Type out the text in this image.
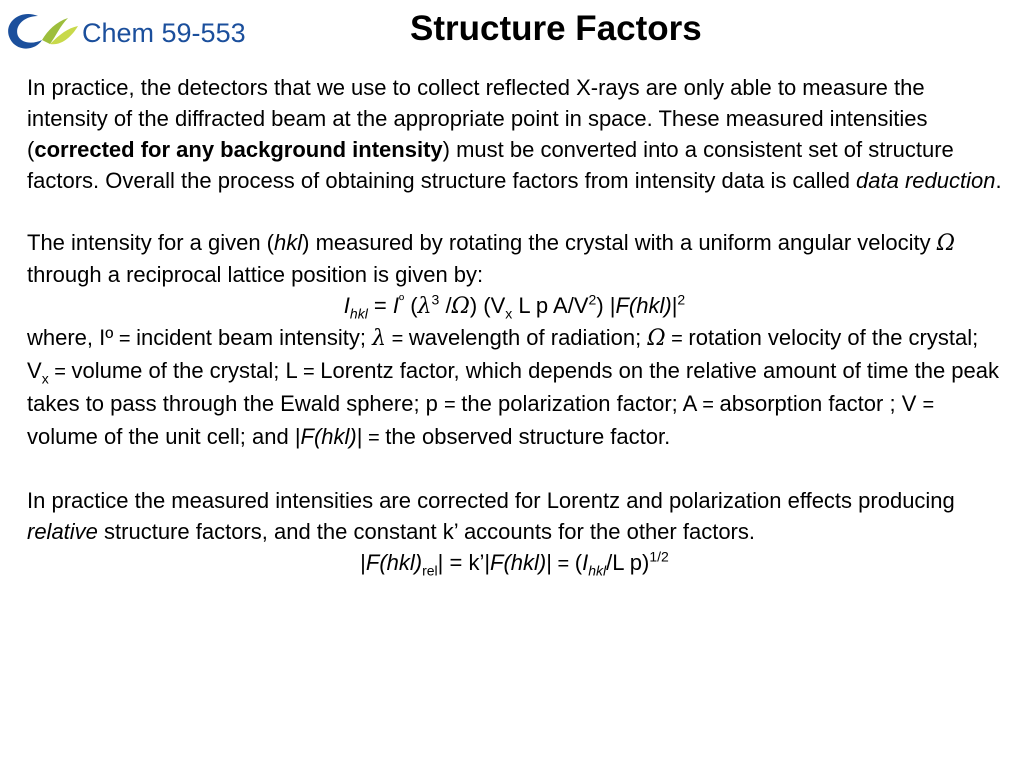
Chem 59-553	Structure Factors

In practice, the detectors that we use to collect reflected X-rays are only able to measure the intensity of the diffracted beam at the appropriate point in space. These measured intensities (corrected for any background intensity) must be converted into a consistent set of structure factors. Overall the process of obtaining structure factors from intensity data is called data reduction.

The intensity for a given (hkl) measured by rotating the crystal with a uniform angular velocity Ω through a reciprocal lattice position is given by:

$I_{hkl} = I^º$ ($\lambda^3$ /Ω) ($V_x$ L p $A/V^2$) $|F(hkl)|^2$

where, Iº = incident beam intensity; λ = wavelength of radiation; Ω = rotation velocity of the crystal; $V_x$ = volume of the crystal; L = Lorentz factor, which depends on the relative amount of time the peak takes to pass through the Ewald sphere; p = the polarization factor; A = absorption factor ; V = volume of the unit cell; and |F(hkl)| = the observed structure factor.

In practice the measured intensities are corrected for Lorentz and polarization effects producing relative structure factors, and the constant k’ accounts for the other factors.

$|F(hkl)_{rel}|$ = k’|F(hkl)| = ($I_{hkl}/L$ p)$^{1/2}$
